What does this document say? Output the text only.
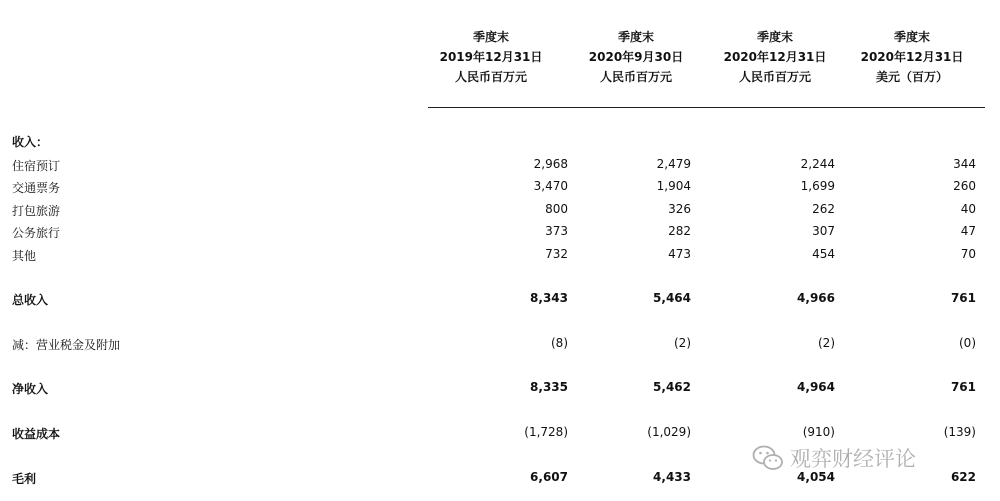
季度末
2019年12月31日
人民币百万元
季度末
2020年9月30日
人民币百万元
季度末
2020年12月31日
人民币百万元
季度末
2020年12月31日
美元（百万）
收入：
住宿预订	2,968	2,479	2,244	344
交通票务	3,470	1,904	1,699	260
打包旅游	800	326	262	40
公务旅行	373	282	307	47
其他	732	473	454	70
总收入	8,343	5,464	4,966	761
减：营业税金及附加	(8)	(2)	(2)	(0)
净收入	8,335	5,462	4,964	761
收益成本	(1,728)	(1,029)	(910)	(139)
毛利	6,607	4,433	4,054	622
观弈财经评论
